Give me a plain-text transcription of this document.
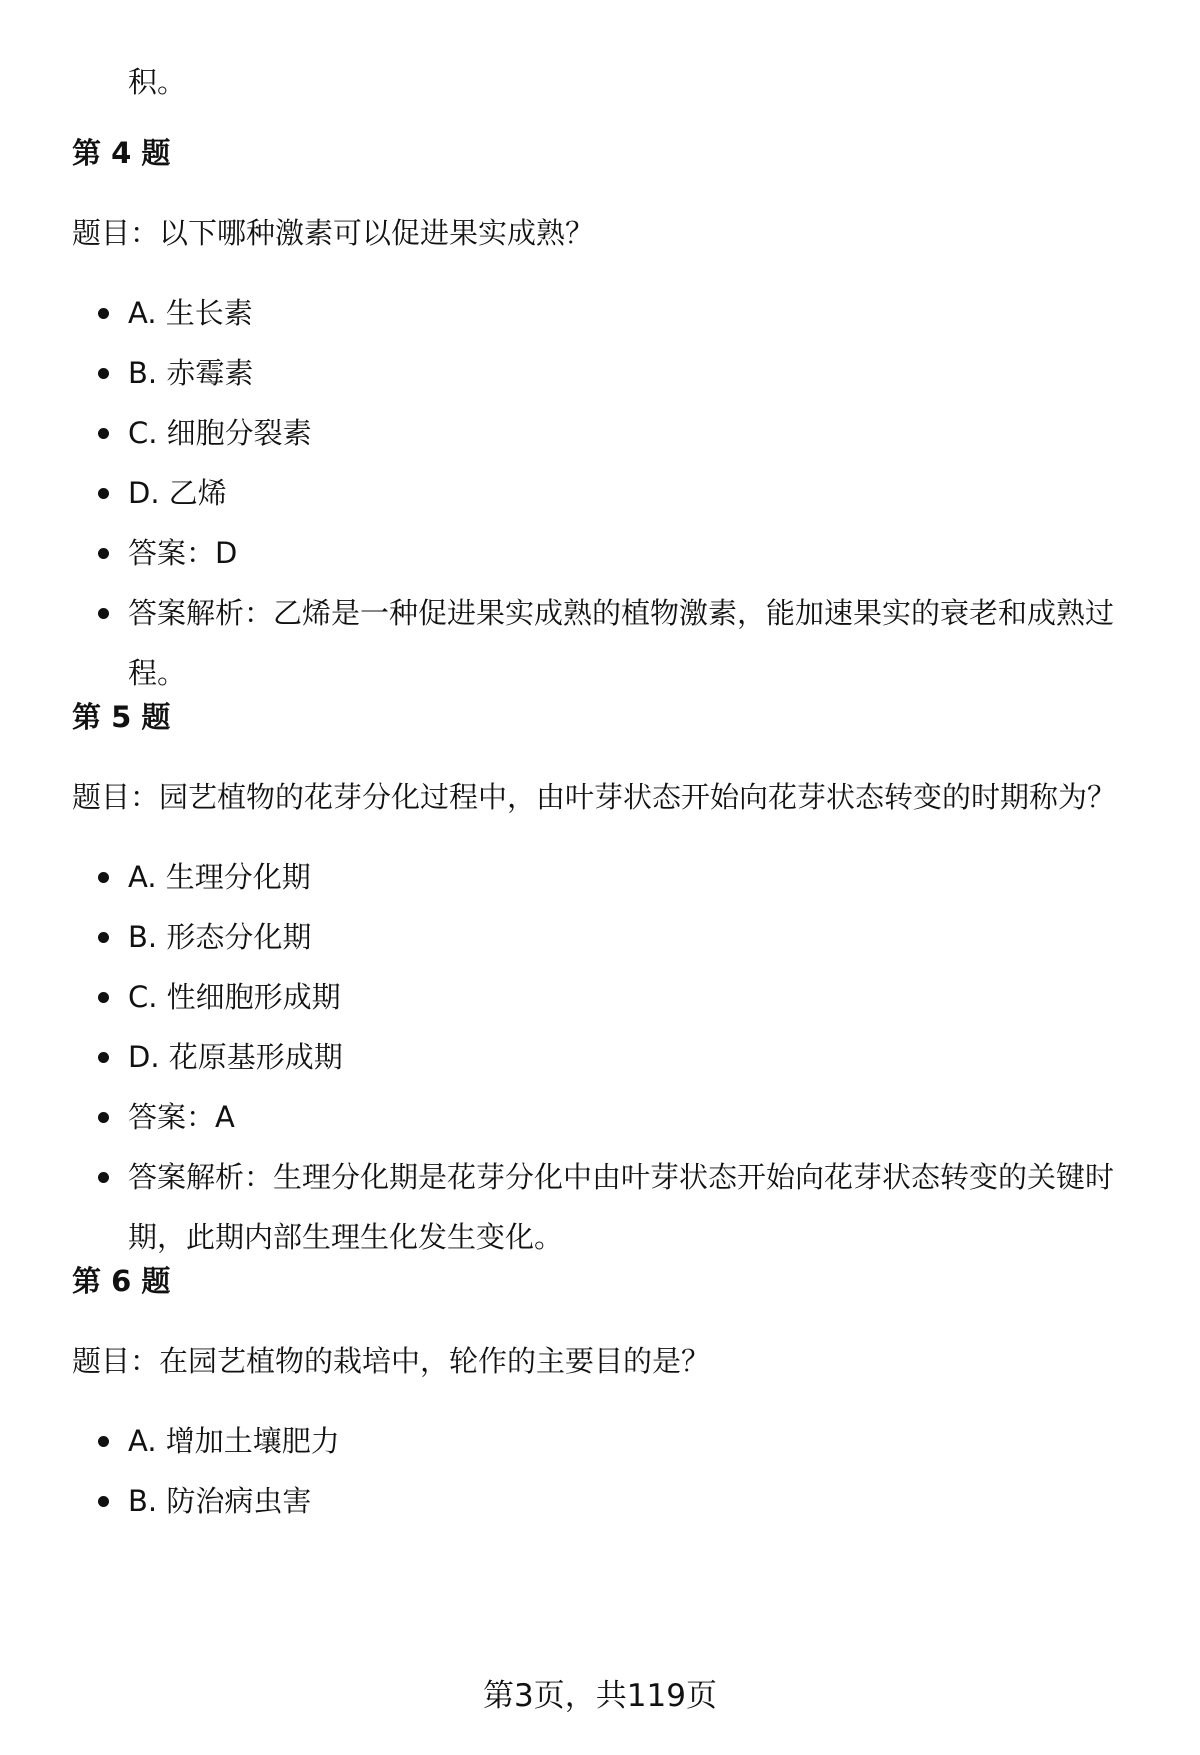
积。

第 4 题

题目：以下哪种激素可以促进果实成熟？

A. 生长素
B. 赤霉素
C. 细胞分裂素
D. 乙烯
答案：D
答案解析：乙烯是一种促进果实成熟的植物激素，能加速果实的衰老和成熟过程。
第 5 题

题目：园艺植物的花芽分化过程中，由叶芽状态开始向花芽状态转变的时期称为？

A. 生理分化期
B. 形态分化期
C. 性细胞形成期
D. 花原基形成期
答案：A
答案解析：生理分化期是花芽分化中由叶芽状态开始向花芽状态转变的关键时期，此期内部生理生化发生变化。
第 6 题

题目：在园艺植物的栽培中，轮作的主要目的是？

A. 增加土壤肥力
B. 防治病虫害

第3页，共119页
